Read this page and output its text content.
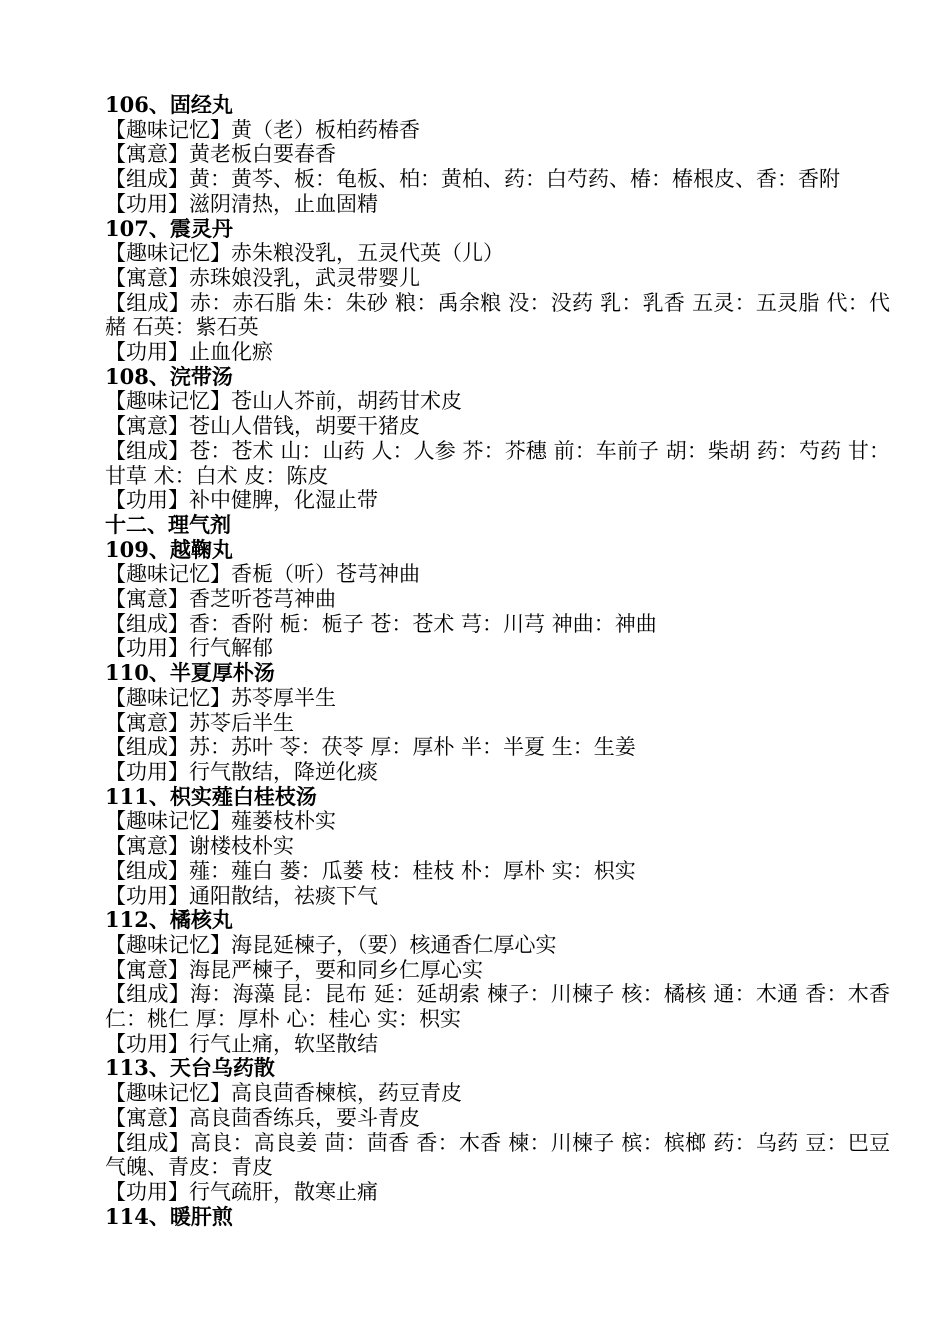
106、固经丸
【趣味记忆】黄（老）板柏药椿香
【寓意】黄老板白要春香
【组成】黄：黄芩、板：龟板、柏：黄柏、药：白芍药、椿：椿根皮、香：香附
【功用】滋阴清热，止血固精
107、震灵丹
【趣味记忆】赤朱粮没乳，五灵代英（儿）
【寓意】赤珠娘没乳，武灵带婴儿
【组成】赤：赤石脂 朱：朱砂 粮：禹余粮 没：没药 乳：乳香 五灵：五灵脂 代：代赭 石英：紫石英
【功用】止血化瘀
108、浣带汤
【趣味记忆】苍山人芥前，胡药甘术皮
【寓意】苍山人借钱，胡要干猪皮
【组成】苍：苍术 山：山药 人：人参 芥：芥穗 前：车前子 胡：柴胡 药：芍药 甘：甘草 术：白术 皮：陈皮
【功用】补中健脾，化湿止带
十二、理气剂
109、越鞠丸
【趣味记忆】香栀（听）苍芎神曲
【寓意】香芝听苍芎神曲
【组成】香：香附 栀：栀子 苍：苍术 芎：川芎 神曲：神曲
【功用】行气解郁
110、半夏厚朴汤
【趣味记忆】苏苓厚半生
【寓意】苏苓后半生
【组成】苏：苏叶 苓：茯苓 厚：厚朴 半：半夏 生：生姜
【功用】行气散结，降逆化痰
111、枳实薤白桂枝汤
【趣味记忆】薤蒌枝朴实
【寓意】谢楼枝朴实
【组成】薤：薤白 蒌：瓜蒌 枝：桂枝 朴：厚朴 实：枳实
【功用】通阳散结，祛痰下气
112、橘核丸
【趣味记忆】海昆延楝子，（要）核通香仁厚心实
【寓意】海昆严楝子，要和同乡仁厚心实
【组成】海：海藻 昆：昆布 延：延胡索 楝子：川楝子 核：橘核 通：木通 香：木香 仁：桃仁 厚：厚朴 心：桂心 实：枳实
【功用】行气止痛，软坚散结
113、天台乌药散
【趣味记忆】高良茴香楝槟，药豆青皮
【寓意】高良茴香练兵，要斗青皮
【组成】高良：高良姜 茴：茴香 香：木香 楝：川楝子 槟：槟榔 药：乌药 豆：巴豆 气魄、青皮：青皮
【功用】行气疏肝，散寒止痛
114、暖肝煎
